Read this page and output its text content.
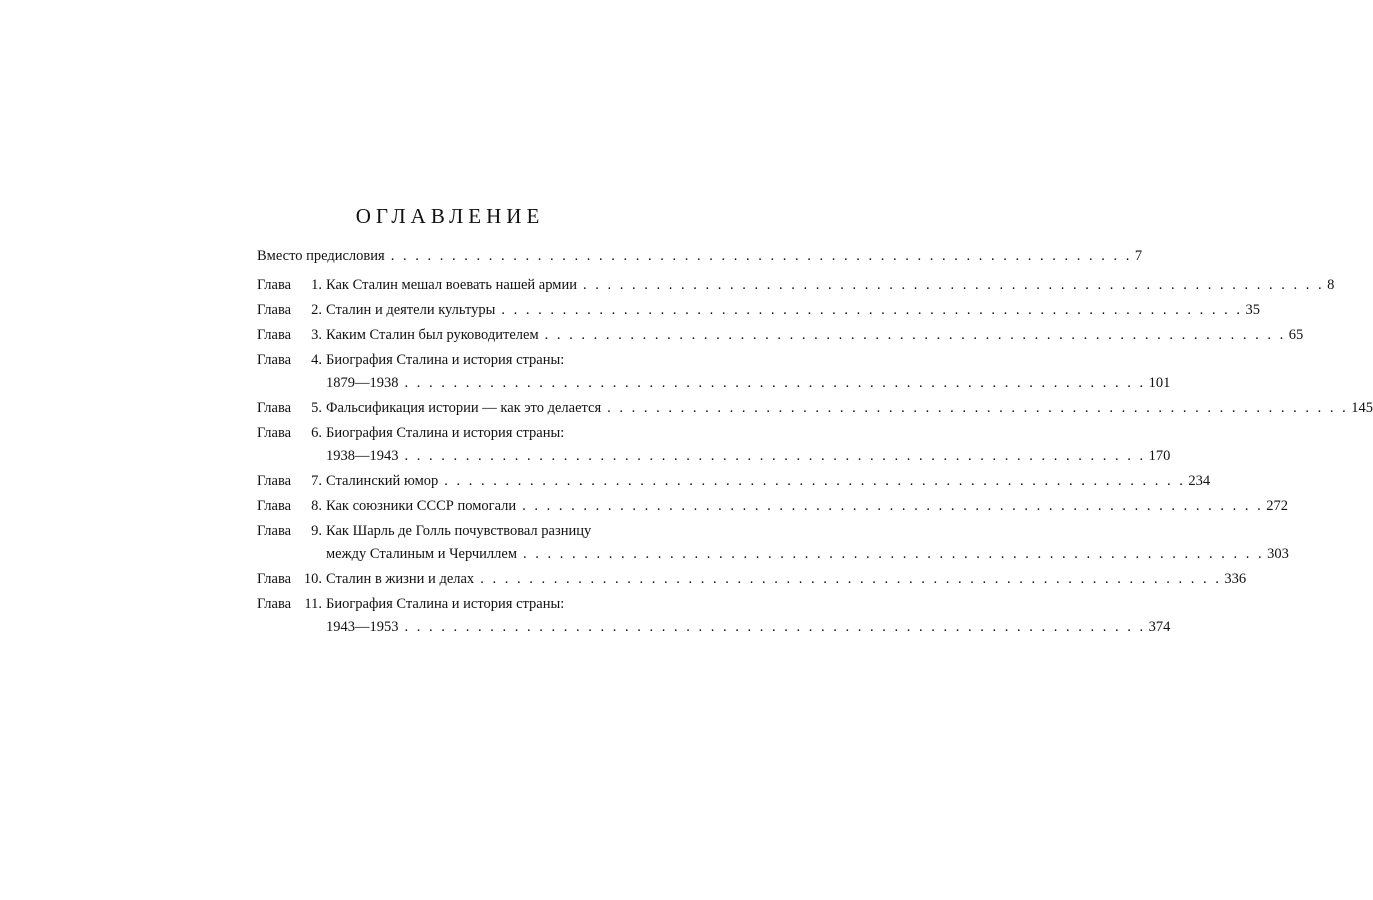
ОГЛАВЛЕНИЕ
Вместо предисловия . . . . . . . . . . . . . . . . . . . . . . . . . . . . . . . . . . . . . . . . . . . . . . . . . . . . . . . . . . . . . 7
Глава	1. Как Сталин мешал воевать нашей армии . . . . . . . . . . . . . . . . . . . . . . . . . . . . . . . . . . . . . . . . . . . . . . . . . . . . . . . . . . . . . 8
Глава	2. Сталин и деятели культуры . . . . . . . . . . . . . . . . . . . . . . . . . . . . . . . . . . . . . . . . . . . . . . . . . . . . . . . . . . . . . 35
Глава	3. Каким Сталин был руководителем . . . . . . . . . . . . . . . . . . . . . . . . . . . . . . . . . . . . . . . . . . . . . . . . . . . . . . . . . . . . . 65
Глава	4. Биография Сталина и история страны:
1879—1938 . . . . . . . . . . . . . . . . . . . . . . . . . . . . . . . . . . . . . . . . . . . . . . . . . . . . . . . . . . . . . 101
Глава	5. Фальсификация истории — как это делается . . . . . . . . . . . . . . . . . . . . . . . . . . . . . . . . . . . . . . . . . . . . . . . . . . . . . . . . . . . . . 145
Глава	6. Биография Сталина и история страны:
1938—1943 . . . . . . . . . . . . . . . . . . . . . . . . . . . . . . . . . . . . . . . . . . . . . . . . . . . . . . . . . . . . . 170
Глава	7. Сталинский юмор . . . . . . . . . . . . . . . . . . . . . . . . . . . . . . . . . . . . . . . . . . . . . . . . . . . . . . . . . . . . . 234
Глава	8. Как союзники СССР помогали . . . . . . . . . . . . . . . . . . . . . . . . . . . . . . . . . . . . . . . . . . . . . . . . . . . . . . . . . . . . . 272
Глава	9. Как Шарль де Голль почувствовал разницу
между Сталиным и Черчиллем . . . . . . . . . . . . . . . . . . . . . . . . . . . . . . . . . . . . . . . . . . . . . . . . . . . . . . . . . . . . . 303
Глава 10. Сталин в жизни и делах . . . . . . . . . . . . . . . . . . . . . . . . . . . . . . . . . . . . . . . . . . . . . . . . . . . . . . . . . . . . . 336
Глава 11. Биография Сталина и история страны:
1943—1953 . . . . . . . . . . . . . . . . . . . . . . . . . . . . . . . . . . . . . . . . . . . . . . . . . . . . . . . . . . . . . 374
